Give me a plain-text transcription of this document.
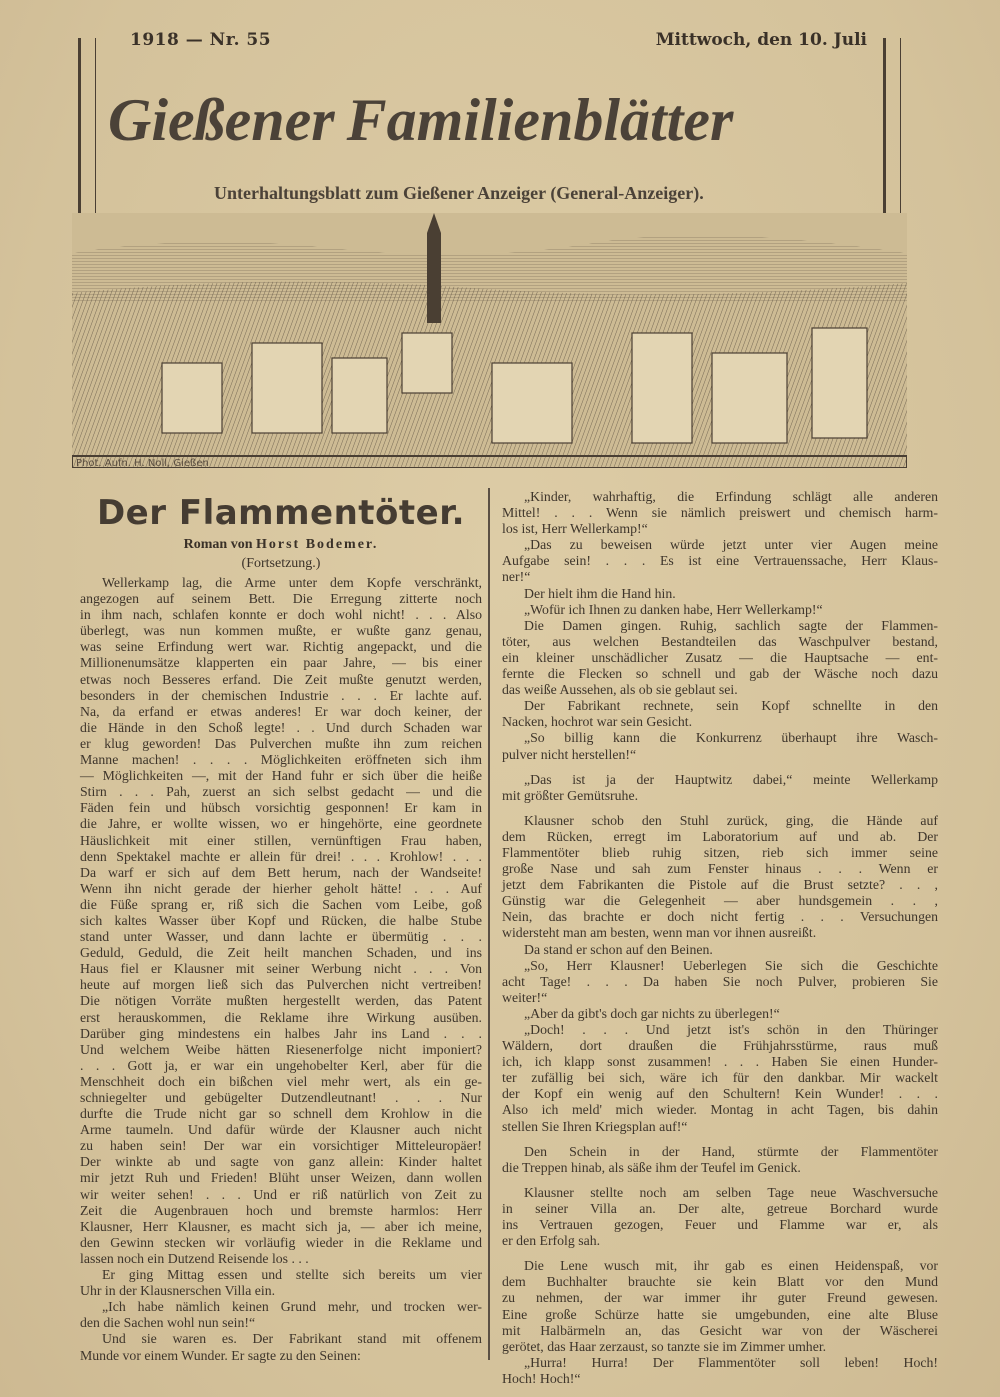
1918 — Nr. 55	Mittwoch, den 10. Juli
Gießener Familienblätter
Unterhaltungsblatt zum Gießener Anzeiger (General-Anzeiger).
Phot. Aufn. H. Noll, Gießen
Der Flammentöter.
Roman von Horst Bodemer.
(Fortsetzung.)
Wellerkamp lag, die Arme unter dem Kopfe verschränkt,
angezogen auf seinem Bett. Die Erregung zitterte noch
in ihm nach, schlafen konnte er doch wohl nicht! . . . Also
überlegt, was nun kommen mußte, er wußte ganz genau,
was seine Erfindung wert war. Richtig angepackt, und die
Millionenumsätze klapperten ein paar Jahre, — bis einer
etwas noch Besseres erfand. Die Zeit mußte genutzt werden,
besonders in der chemischen Industrie . . . Er lachte auf.
Na, da erfand er etwas anderes! Er war doch keiner, der
die Hände in den Schoß legte! . . Und durch Schaden war
er klug geworden! Das Pulverchen mußte ihn zum reichen
Manne machen! . . . . Möglichkeiten eröffneten sich ihm
— Möglichkeiten —, mit der Hand fuhr er sich über die heiße
Stirn . . . Pah, zuerst an sich selbst gedacht — und die
Fäden fein und hübsch vorsichtig gesponnen! Er kam in
die Jahre, er wollte wissen, wo er hingehörte, eine geordnete
Häuslichkeit mit einer stillen, vernünftigen Frau haben,
denn Spektakel machte er allein für drei! . . . Krohlow! . . .
Da warf er sich auf dem Bett herum, nach der Wandseite!
Wenn ihn nicht gerade der hierher geholt hätte! . . . Auf
die Füße sprang er, riß sich die Sachen vom Leibe, goß
sich kaltes Wasser über Kopf und Rücken, die halbe Stube
stand unter Wasser, und dann lachte er übermütig . . .
Geduld, Geduld, die Zeit heilt manchen Schaden, und ins
Haus fiel er Klausner mit seiner Werbung nicht . . . Von
heute auf morgen ließ sich das Pulverchen nicht vertreiben!
Die nötigen Vorräte mußten hergestellt werden, das Patent
erst herauskommen, die Reklame ihre Wirkung ausüben.
Darüber ging mindestens ein halbes Jahr ins Land . . .
Und welchem Weibe hätten Riesenerfolge nicht imponiert?
. . . Gott ja, er war ein ungehobelter Kerl, aber für die
Menschheit doch ein bißchen viel mehr wert, als ein ge-
schniegelter und gebügelter Dutzendleutnant! . . . Nur
durfte die Trude nicht gar so schnell dem Krohlow in die
Arme taumeln. Und dafür würde der Klausner auch nicht
zu haben sein! Der war ein vorsichtiger Mitteleuropäer!
Der winkte ab und sagte von ganz allein: Kinder haltet
mir jetzt Ruh und Frieden! Blüht unser Weizen, dann wollen
wir weiter sehen! . . . Und er riß natürlich von Zeit zu
Zeit die Augenbrauen hoch und bremste harmlos: Herr
Klausner, Herr Klausner, es macht sich ja, — aber ich meine,
den Gewinn stecken wir vorläufig wieder in die Reklame und
lassen noch ein Dutzend Reisende los . . .
Er ging Mittag essen und stellte sich bereits um vier
Uhr in der Klausnerschen Villa ein.
„Ich habe nämlich keinen Grund mehr, und trocken wer-
den die Sachen wohl nun sein!“
Und sie waren es. Der Fabrikant stand mit offenem
Munde vor einem Wunder. Er sagte zu den Seinen:
„Kinder, wahrhaftig, die Erfindung schlägt alle anderen
Mittel! . . . Wenn sie nämlich preiswert und chemisch harm-
los ist, Herr Wellerkamp!“
„Das zu beweisen würde jetzt unter vier Augen meine
Aufgabe sein! . . . Es ist eine Vertrauenssache, Herr Klaus-
ner!“
Der hielt ihm die Hand hin.
„Wofür ich Ihnen zu danken habe, Herr Wellerkamp!“
Die Damen gingen. Ruhig, sachlich sagte der Flammen-
töter, aus welchen Bestandteilen das Waschpulver bestand,
ein kleiner unschädlicher Zusatz — die Hauptsache — ent-
fernte die Flecken so schnell und gab der Wäsche noch dazu
das weiße Aussehen, als ob sie geblaut sei.
Der Fabrikant rechnete, sein Kopf schnellte in den
Nacken, hochrot war sein Gesicht.
„So billig kann die Konkurrenz überhaupt ihre Wasch-
pulver nicht herstellen!“
„Das ist ja der Hauptwitz dabei,“ meinte Wellerkamp
mit größter Gemütsruhe.
Klausner schob den Stuhl zurück, ging, die Hände auf
dem Rücken, erregt im Laboratorium auf und ab. Der
Flammentöter blieb ruhig sitzen, rieb sich immer seine
große Nase und sah zum Fenster hinaus . . . Wenn er
jetzt dem Fabrikanten die Pistole auf die Brust setzte? . . ,
Günstig war die Gelegenheit — aber hundsgemein . . ,
Nein, das brachte er doch nicht fertig . . . Versuchungen
widersteht man am besten, wenn man vor ihnen ausreißt.
Da stand er schon auf den Beinen.
„So, Herr Klausner! Ueberlegen Sie sich die Geschichte
acht Tage! . . . Da haben Sie noch Pulver, probieren Sie
weiter!“
„Aber da gibt's doch gar nichts zu überlegen!“
„Doch! . . . Und jetzt ist's schön in den Thüringer
Wäldern, dort draußen die Frühjahrsstürme, raus muß
ich, ich klapp sonst zusammen! . . . Haben Sie einen Hunder-
ter zufällig bei sich, wäre ich für den dankbar. Mir wackelt
der Kopf ein wenig auf den Schultern! Kein Wunder! . . .
Also ich meld' mich wieder. Montag in acht Tagen, bis dahin
stellen Sie Ihren Kriegsplan auf!“
Den Schein in der Hand, stürmte der Flammentöter
die Treppen hinab, als säße ihm der Teufel im Genick.
Klausner stellte noch am selben Tage neue Waschversuche
in seiner Villa an. Der alte, getreue Borchard wurde
ins Vertrauen gezogen, Feuer und Flamme war er, als
er den Erfolg sah.
Die Lene wusch mit, ihr gab es einen Heidenspaß, vor
dem Buchhalter brauchte sie kein Blatt vor den Mund
zu nehmen, der war immer ihr guter Freund gewesen.
Eine große Schürze hatte sie umgebunden, eine alte Bluse
mit Halbärmeln an, das Gesicht war von der Wäscherei
gerötet, das Haar zerzaust, so tanzte sie im Zimmer umher.
„Hurra! Hurra! Der Flammentöter soll leben! Hoch!
Hoch! Hoch!“
